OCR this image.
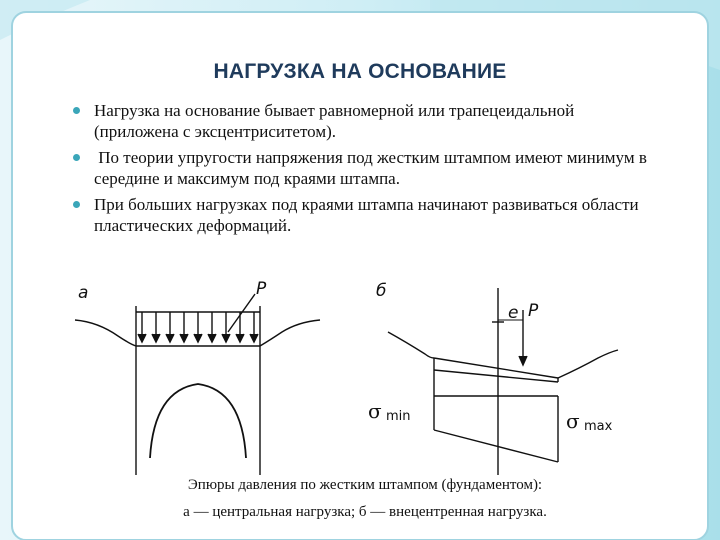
НАГРУЗКА НА ОСНОВАНИЕ
Нагрузка на основание бывает равномерной или трапецеидальной (приложена с эксцентриситетом).
По теории упругости напряжения под жестким штампом имеют минимум в середине и максимум под краями штампа.
При больших нагрузках под краями штампа начинают развиваться области пластических деформаций.
а	P	б
e P
σ min	σ max
Эпюры давления по жестким штампом (фундаментом):
а — центральная нагрузка; б — внецентренная нагрузка.
